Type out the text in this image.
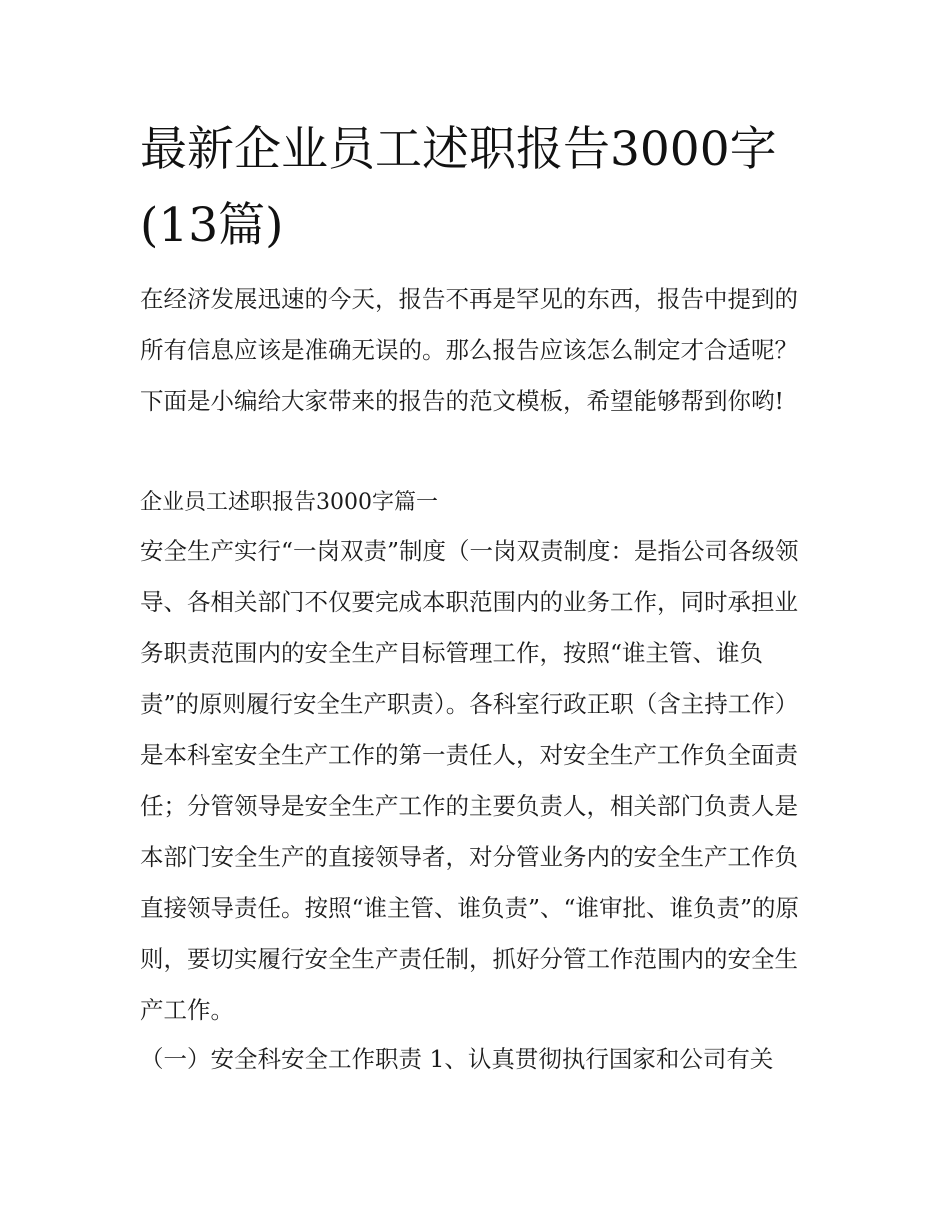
最新企业员工述职报告3000字(13篇)

在经济发展迅速的今天，报告不再是罕见的东西，报告中提到的所有信息应该是准确无误的。那么报告应该怎么制定才合适呢？下面是小编给大家带来的报告的范文模板，希望能够帮到你哟!

企业员工述职报告3000字篇一

安全生产实行“一岗双责”制度（一岗双责制度：是指公司各级领导、各相关部门不仅要完成本职范围内的业务工作，同时承担业务职责范围内的安全生产目标管理工作，按照“谁主管、谁负责”的原则履行安全生产职责）。各科室行政正职（含主持工作）是本科室安全生产工作的第一责任人，对安全生产工作负全面责任；分管领导是安全生产工作的主要负责人，相关部门负责人是本部门安全生产的直接领导者，对分管业务内的安全生产工作负直接领导责任。按照“谁主管、谁负责”、“谁审批、谁负责”的原则，要切实履行安全生产责任制，抓好分管工作范围内的安全生产工作。

（一）安全科安全工作职责 1、认真贯彻执行国家和公司有关
